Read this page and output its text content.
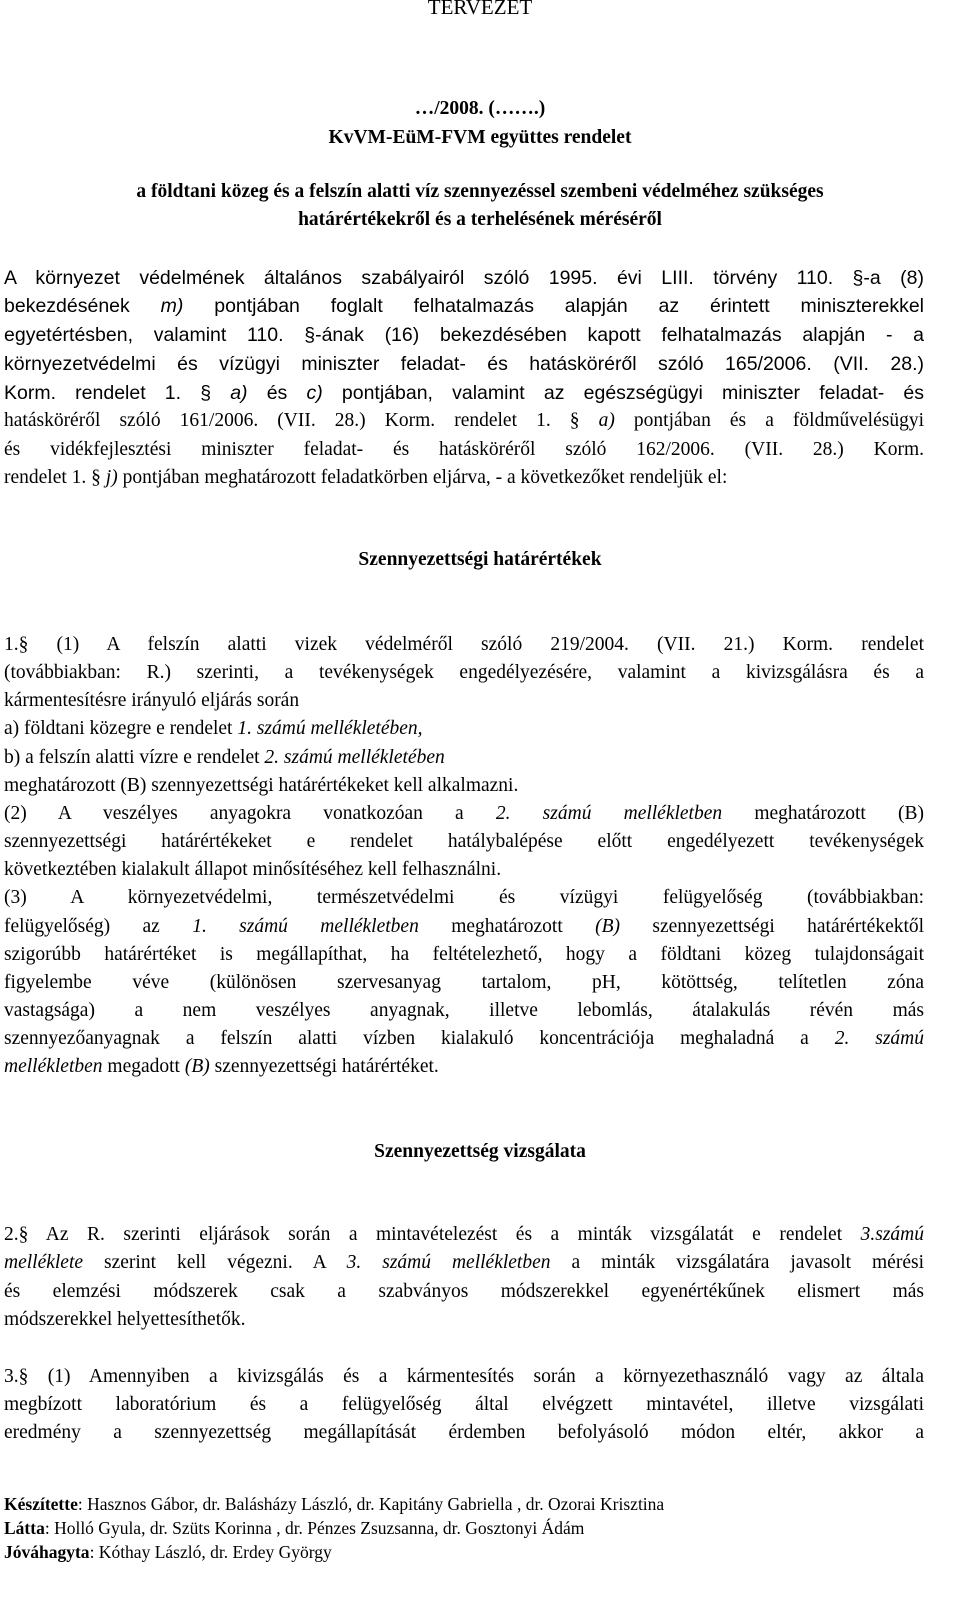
TERVEZET
…/2008. (…….)
KvVM-EüM-FVM együttes rendelet
a földtani közeg és a felszín alatti víz szennyezéssel szembeni védelméhez szükséges
határértékekről és a terhelésének méréséről
A környezet védelmének általános szabályairól szóló 1995. évi LIII. törvény 110. §-a (8)
bekezdésének m) pontjában foglalt felhatalmazás alapján az érintett miniszterekkel
egyetértésben, valamint 110. §-ának (16) bekezdésében kapott felhatalmazás alapján - a
környezetvédelmi és vízügyi miniszter feladat- és hatásköréről szóló 165/2006. (VII. 28.)
Korm. rendelet 1. § a) és c) pontjában, valamint az egészségügyi miniszter feladat- és
hatásköréről szóló 161/2006. (VII. 28.) Korm. rendelet 1. § a) pontjában és a földművelésügyi
és vidékfejlesztési miniszter feladat- és hatásköréről szóló 162/2006. (VII. 28.) Korm.
rendelet 1. § j) pontjában meghatározott feladatkörben eljárva, - a következőket rendeljük el:
Szennyezettségi határértékek
1.§ (1) A felszín alatti vizek védelméről szóló 219/2004. (VII. 21.) Korm. rendelet
(továbbiakban: R.) szerinti, a tevékenységek engedélyezésére, valamint a kivizsgálásra és a
kármentesítésre irányuló eljárás során
a) földtani közegre e rendelet 1. számú mellékletében,
b) a felszín alatti vízre e rendelet 2. számú mellékletében
meghatározott (B) szennyezettségi határértékeket kell alkalmazni.
(2) A veszélyes anyagokra vonatkozóan a 2. számú mellékletben meghatározott (B)
szennyezettségi határértékeket e rendelet hatálybalépése előtt engedélyezett tevékenységek
következtében kialakult állapot minősítéséhez kell felhasználni.
(3) A környezetvédelmi, természetvédelmi és vízügyi felügyelőség (továbbiakban:
felügyelőség) az 1. számú mellékletben meghatározott (B) szennyezettségi határértékektől
szigorúbb határértéket is megállapíthat, ha feltételezhető, hogy a földtani közeg tulajdonságait
figyelembe véve (különösen szervesanyag tartalom, pH, kötöttség, telítetlen zóna
vastagsága) a nem veszélyes anyagnak, illetve lebomlás, átalakulás révén más
szennyezőanyagnak a felszín alatti vízben kialakuló koncentrációja meghaladná a 2. számú
mellékletben megadott (B) szennyezettségi határértéket.
Szennyezettség vizsgálata
2.§ Az R. szerinti eljárások során a mintavételezést és a minták vizsgálatát e rendelet 3.számú
melléklete szerint kell végezni. A 3. számú mellékletben a minták vizsgálatára javasolt mérési
és elemzési módszerek csak a szabványos módszerekkel egyenértékűnek elismert más
módszerekkel helyettesíthetők.
3.§ (1) Amennyiben a kivizsgálás és a kármentesítés során a környezethasználó vagy az általa
megbízott laboratórium és a felügyelőség által elvégzett mintavétel, illetve vizsgálati
eredmény a szennyezettség megállapítását érdemben befolyásoló módon eltér, akkor a
Készítette: Hasznos Gábor, dr. Balásházy László, dr. Kapitány Gabriella , dr. Ozorai Krisztina
Látta: Holló Gyula, dr. Szüts Korinna , dr. Pénzes Zsuzsanna, dr. Gosztonyi Ádám
Jóváhagyta: Kóthay László, dr. Erdey György
